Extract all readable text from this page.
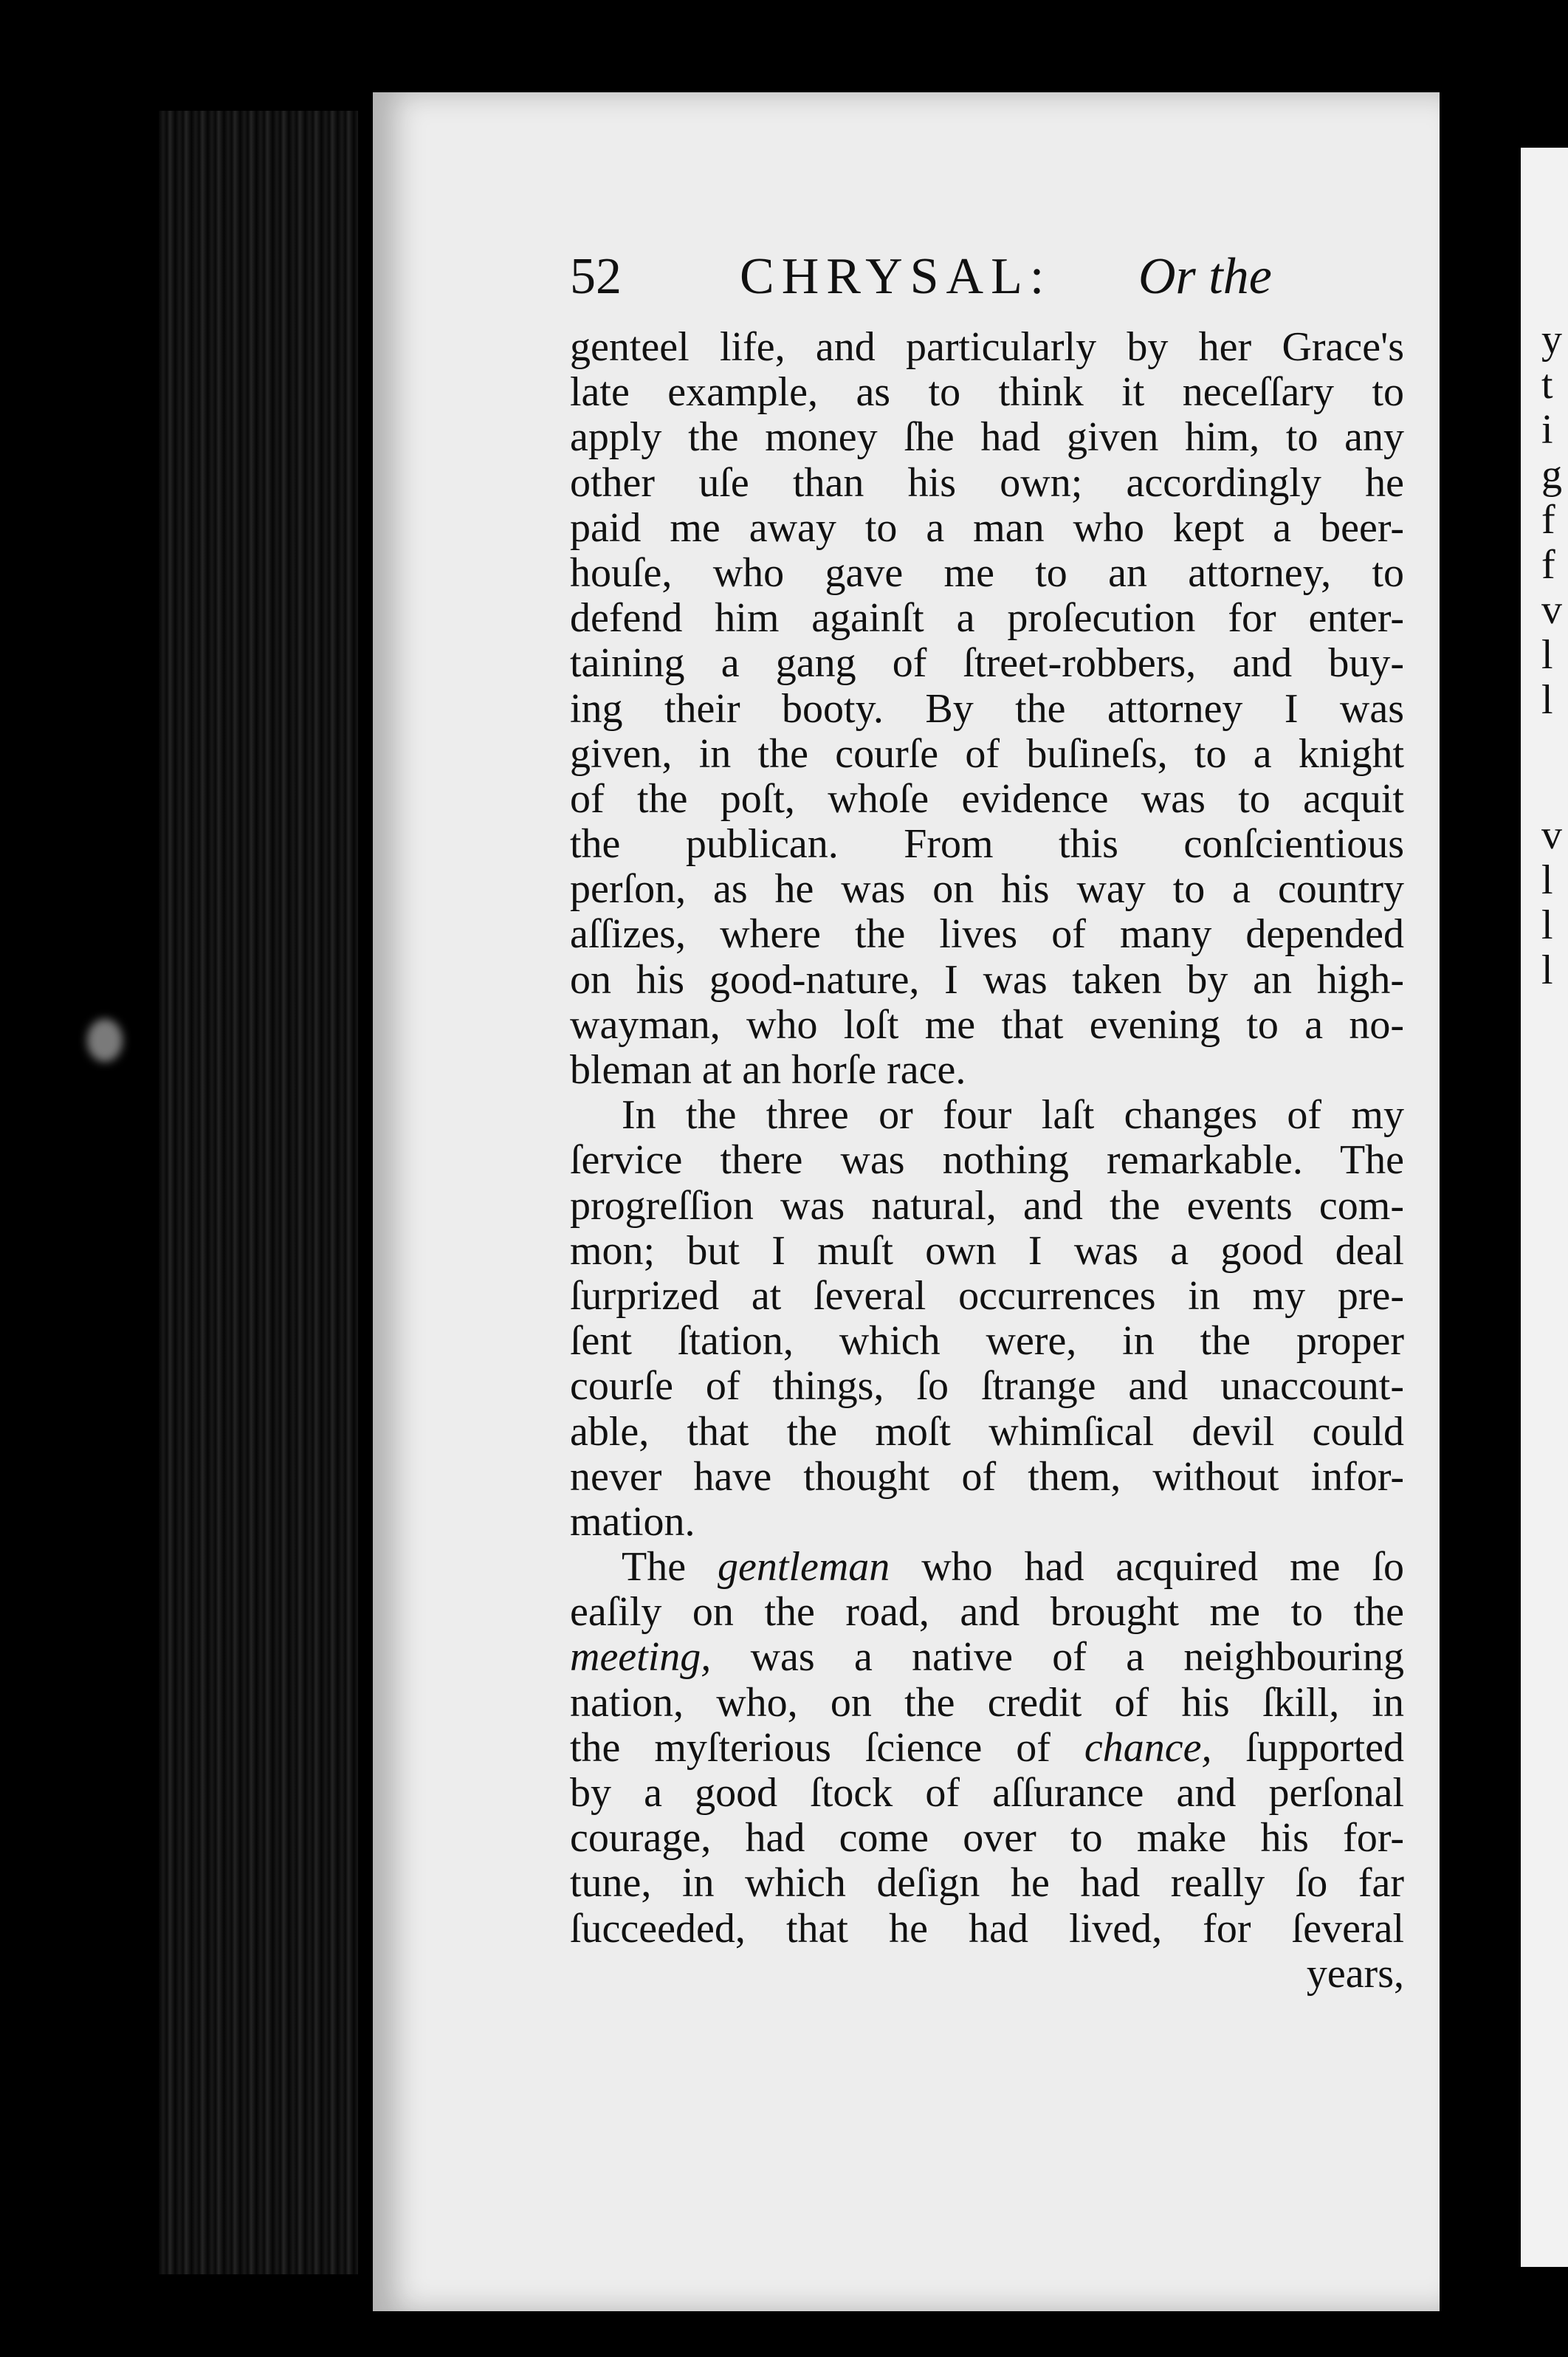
y
t
i
g
f
f
v
l
l
v
l
l
l
52 CHRYSAL: Or the
genteel life, and particularly by her Grace's
late example, as to think it neceſſary to
apply the money ſhe had given him, to any
other uſe than his own; accordingly he
paid me away to a man who kept a beer-
houſe, who gave me to an attorney, to
defend him againſt a proſecution for enter-
taining a gang of ſtreet-robbers, and buy-
ing their booty. By the attorney I was
given, in the courſe of buſineſs, to a knight
of the poſt, whoſe evidence was to acquit
the publican. From this conſcientious
perſon, as he was on his way to a country
aſſizes, where the lives of many depended
on his good-nature, I was taken by an high-
wayman, who loſt me that evening to a no-
bleman at an horſe race.
In the three or four laſt changes of my
ſervice there was nothing remarkable. The
progreſſion was natural, and the events com-
mon; but I muſt own I was a good deal
ſurprized at ſeveral occurrences in my pre-
ſent ſtation, which were, in the proper
courſe of things, ſo ſtrange and unaccount-
able, that the moſt whimſical devil could
never have thought of them, without infor-
mation.
The gentleman who had acquired me ſo
eaſily on the road, and brought me to the
meeting, was a native of a neighbouring
nation, who, on the credit of his ſkill, in
the myſterious ſcience of chance, ſupported
by a good ſtock of aſſurance and perſonal
courage, had come over to make his for-
tune, in which deſign he had really ſo far
ſucceeded, that he had lived, for ſeveral
years,
